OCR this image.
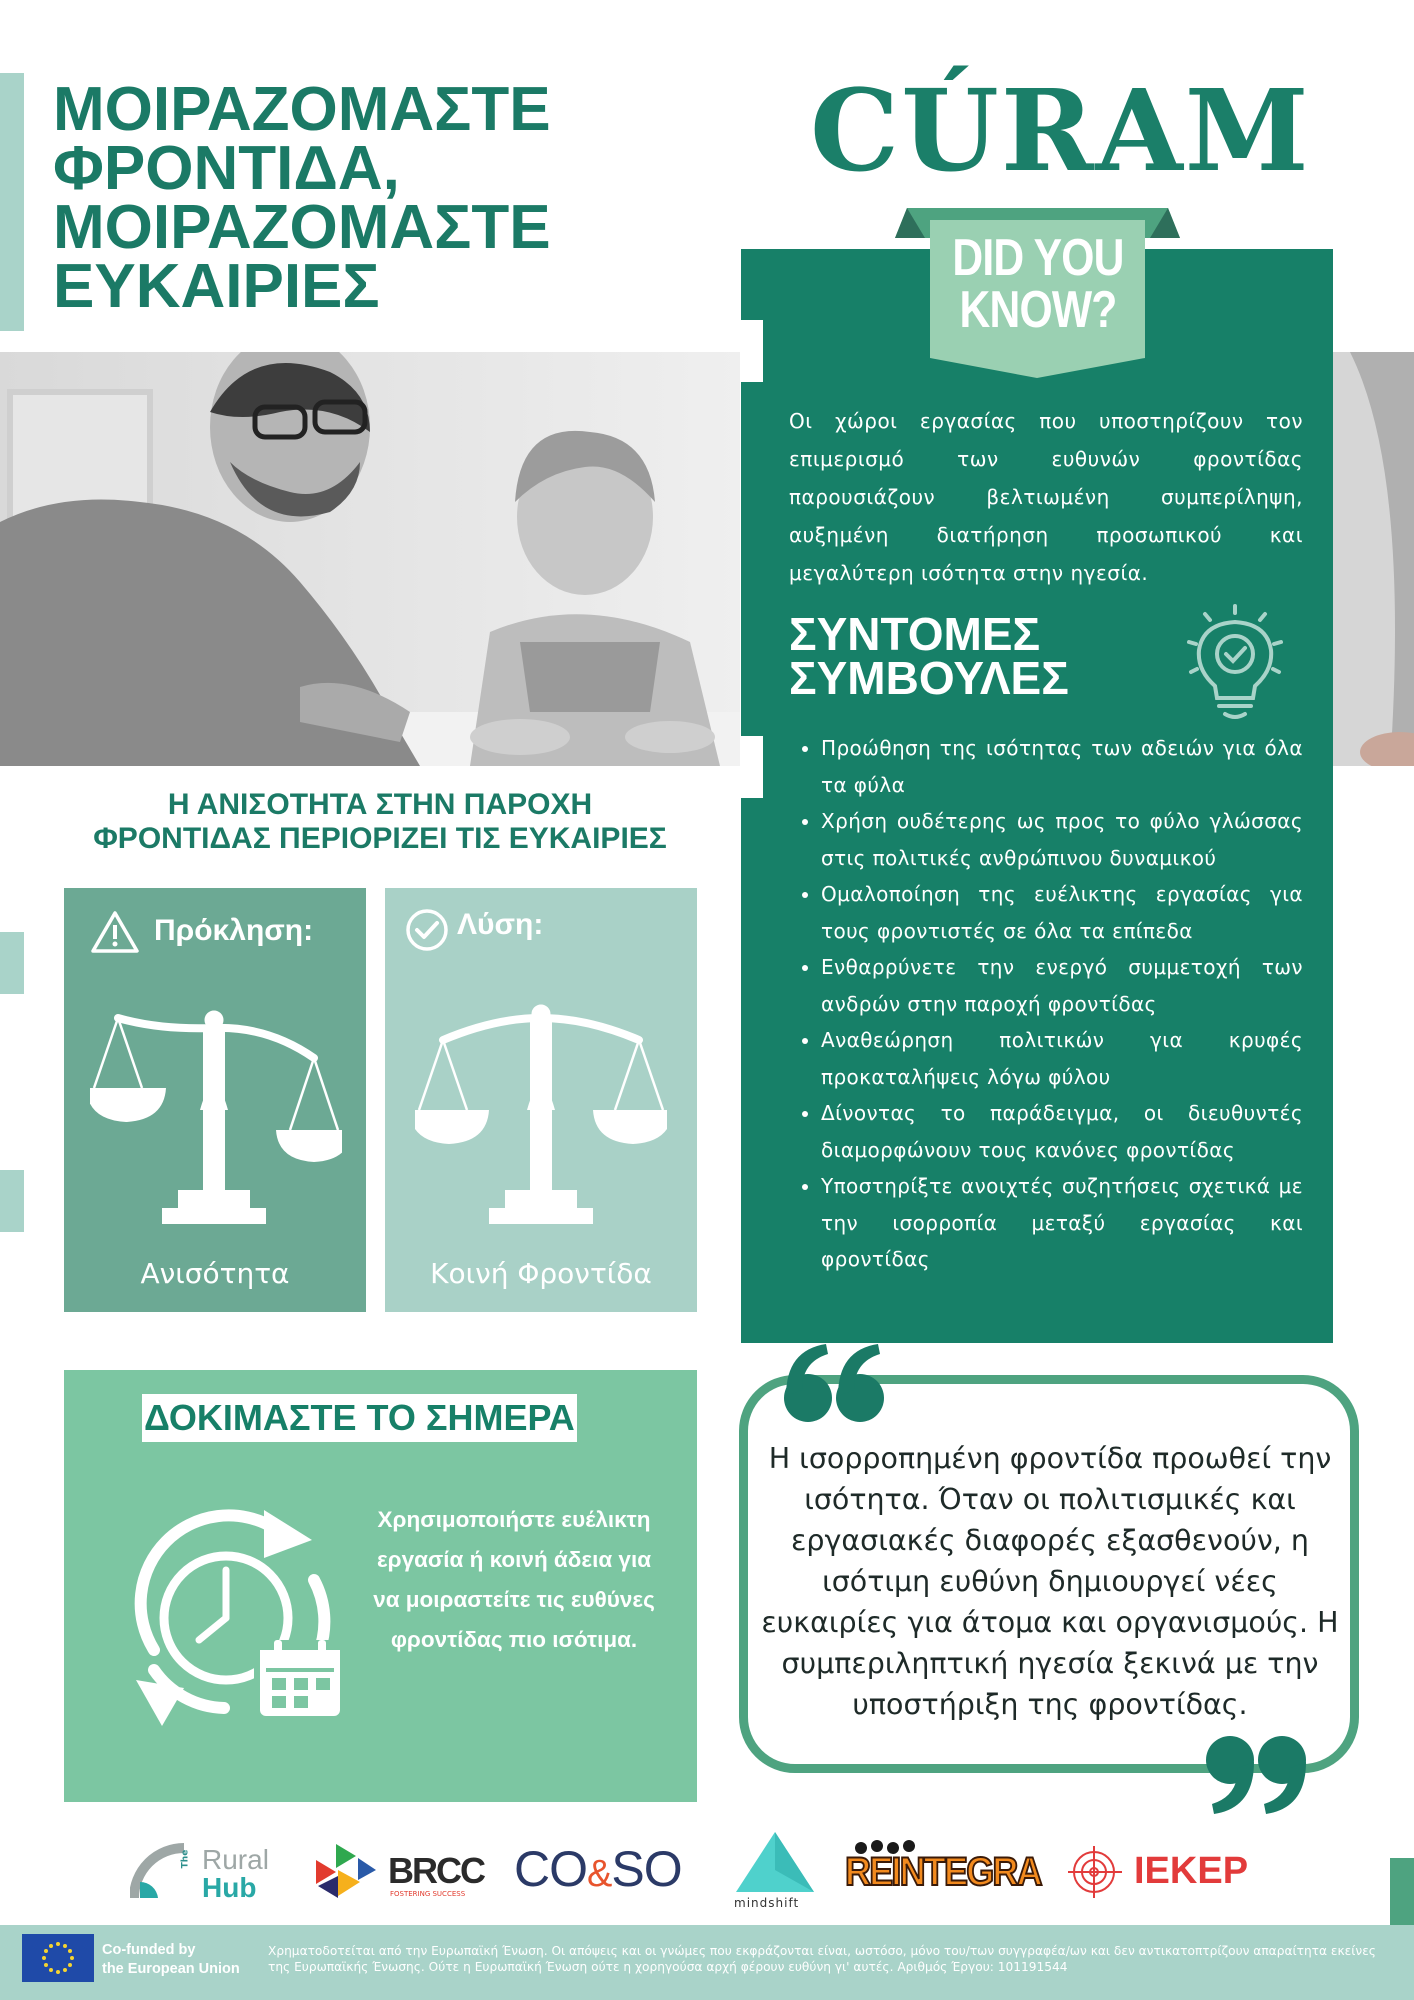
ΜΟΙΡΑΖΟΜΑΣΤΕ
ΦΡΟΝΤΙΔΑ,
ΜΟΙΡΑΖΟΜΑΣΤΕ
ΕΥΚΑΙΡΙΕΣ
CÚRAM
DID YOU
KNOW?

Οι χώροι εργασίας που υποστηρίζουν τον επιμερισμό των ευθυνών φροντίδας παρουσιάζουν βελτιωμένη συμπερίληψη, αυξημένη διατήρηση προσωπικού και μεγαλύτερη ισότητα στην ηγεσία.

ΣΥΝΤΟΜΕΣ
ΣΥΜΒΟΥΛΕΣ
• Προώθηση της ισότητας των αδειών για όλα τα φύλα
• Χρήση ουδέτερης ως προς το φύλο γλώσσας στις πολιτικές ανθρώπινου δυναμικού
• Ομαλοποίηση της ευέλικτης εργασίας για τους φροντιστές σε όλα τα επίπεδα
• Ενθαρρύνετε την ενεργό συμμετοχή των ανδρών στην παροχή φροντίδας
• Αναθεώρηση πολιτικών για κρυφές προκαταλήψεις λόγω φύλου
• Δίνοντας το παράδειγμα, οι διευθυντές διαμορφώνουν τους κανόνες φροντίδας
• Υποστηρίξτε ανοιχτές συζητήσεις σχετικά με την ισορροπία μεταξύ εργασίας και φροντίδας
Η ΑΝΙΣΟΤΗΤΑ ΣΤΗΝ ΠΑΡΟΧΗ
ΦΡΟΝΤΙΔΑΣ ΠΕΡΙΟΡΙΖΕΙ ΤΙΣ ΕΥΚΑΙΡΙΕΣ
Πρόκληση:
Ανισότητα
Λύση:
Κοινή Φροντίδα
ΔΟΚΙΜΑΣΤΕ ΤΟ ΣΗΜΕΡΑ

Χρησιμοποιήστε ευέλικτη εργασία ή κοινή άδεια για να μοιραστείτε τις ευθύνες φροντίδας πιο ισότιμα.

Η ισορροπημένη φροντίδα προωθεί την ισότητα. Όταν οι πολιτισμικές και εργασιακές διαφορές εξασθενούν, η ισότιμη ευθύνη δημιουργεί νέες ευκαιρίες για άτομα και οργανισμούς. Η συμπεριληπτική ηγεσία ξεκινά με την υποστήριξη της φροντίδας.

The Rural
Hub	BRCC
FOSTERING SUCCESS CO&SO
mindshift
REINTEGRA IEKEP
Co-funded by
the European Union

Χρηματοδοτείται από την Ευρωπαϊκή Ένωση. Οι απόψεις και οι γνώμες που εκφράζονται είναι, ωστόσο, μόνο του/των συγγραφέα/ων και δεν αντικατοπτρίζουν απαραίτητα εκείνες της Ευρωπαϊκής Ένωσης. Ούτε η Ευρωπαϊκή Ένωση ούτε η χορηγούσα αρχή φέρουν ευθύνη γι' αυτές. Αριθμός Έργου: 101191544
